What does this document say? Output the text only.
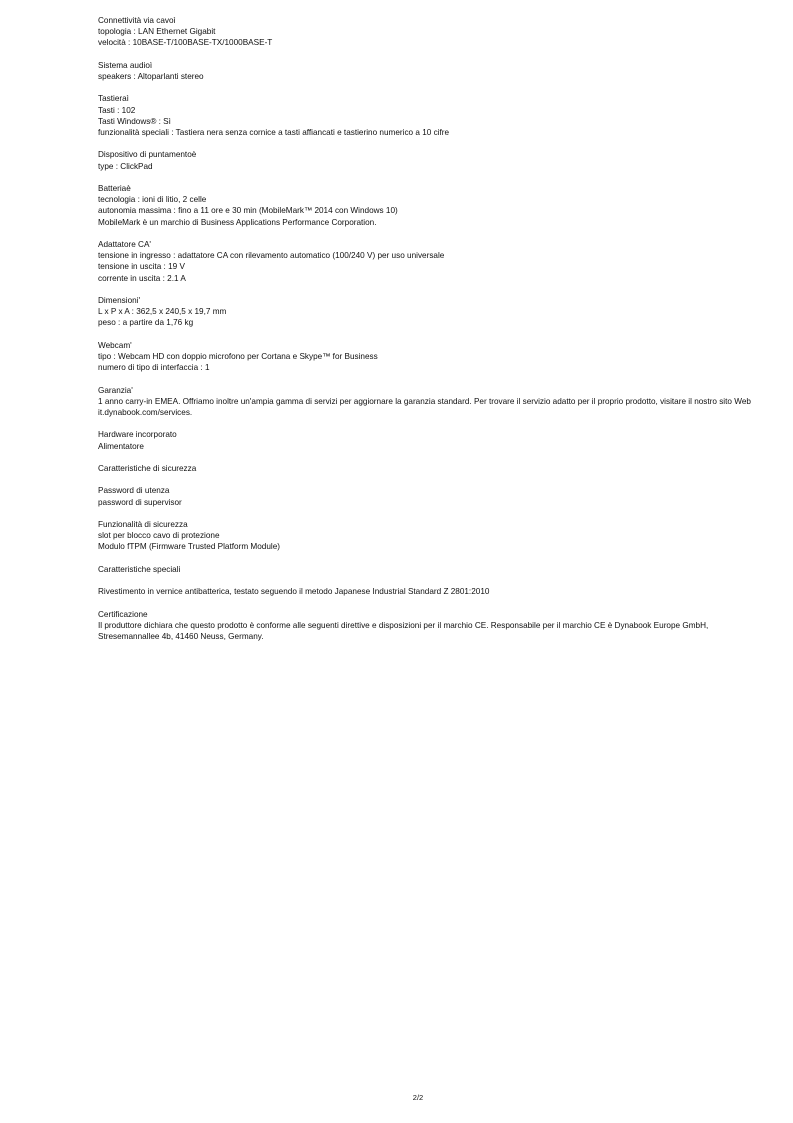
Connettività via cavoì
topologia : LAN Ethernet Gigabit
velocità : 10BASE-T/100BASE-TX/1000BASE-T
Sistema audioì
speakers : Altoparlanti stereo
Tastieraì
Tasti : 102
Tasti Windows® : Sì
funzionalità speciali : Tastiera nera senza cornice a tasti affiancati e tastierino numerico a 10 cifre
Dispositivo di puntamentoè
type : ClickPad
Batteriaè
tecnologia : ioni di litio, 2 celle
autonomia massima : fino a 11 ore e 30 min (MobileMark™ 2014 con Windows 10)
MobileMark è un marchio di Business Applications Performance Corporation.
Adattatore CA'
tensione in ingresso : adattatore CA con rilevamento automatico (100/240 V) per uso universale
tensione in uscita : 19 V
corrente in uscita : 2.1 A
Dimensioni'
L x P x A : 362,5 x 240,5 x 19,7 mm
peso : a partire da 1,76 kg
Webcam'
tipo : Webcam HD con doppio microfono per Cortana e Skype™ for Business
numero di tipo di interfaccia : 1
Garanzia'
1 anno carry-in EMEA. Offriamo inoltre un'ampia gamma di servizi per aggiornare la garanzia standard. Per trovare il servizio adatto per il proprio prodotto, visitare il nostro sito Web it.dynabook.com/services.
Hardware incorporato
Alimentatore
Caratteristiche di sicurezza
Password di utenza
password di supervisor
Funzionalità di sicurezza
slot per blocco cavo di protezione
Modulo fTPM (Firmware Trusted Platform Module)
Caratteristiche speciali
Rivestimento in vernice antibatterica, testato seguendo il metodo Japanese Industrial Standard Z 2801:2010
Certificazione
Il produttore dichiara che questo prodotto è conforme alle seguenti direttive e disposizioni per il marchio CE. Responsabile per il marchio CE è Dynabook Europe GmbH, Stresemannallee 4b, 41460 Neuss, Germany.
2/2
